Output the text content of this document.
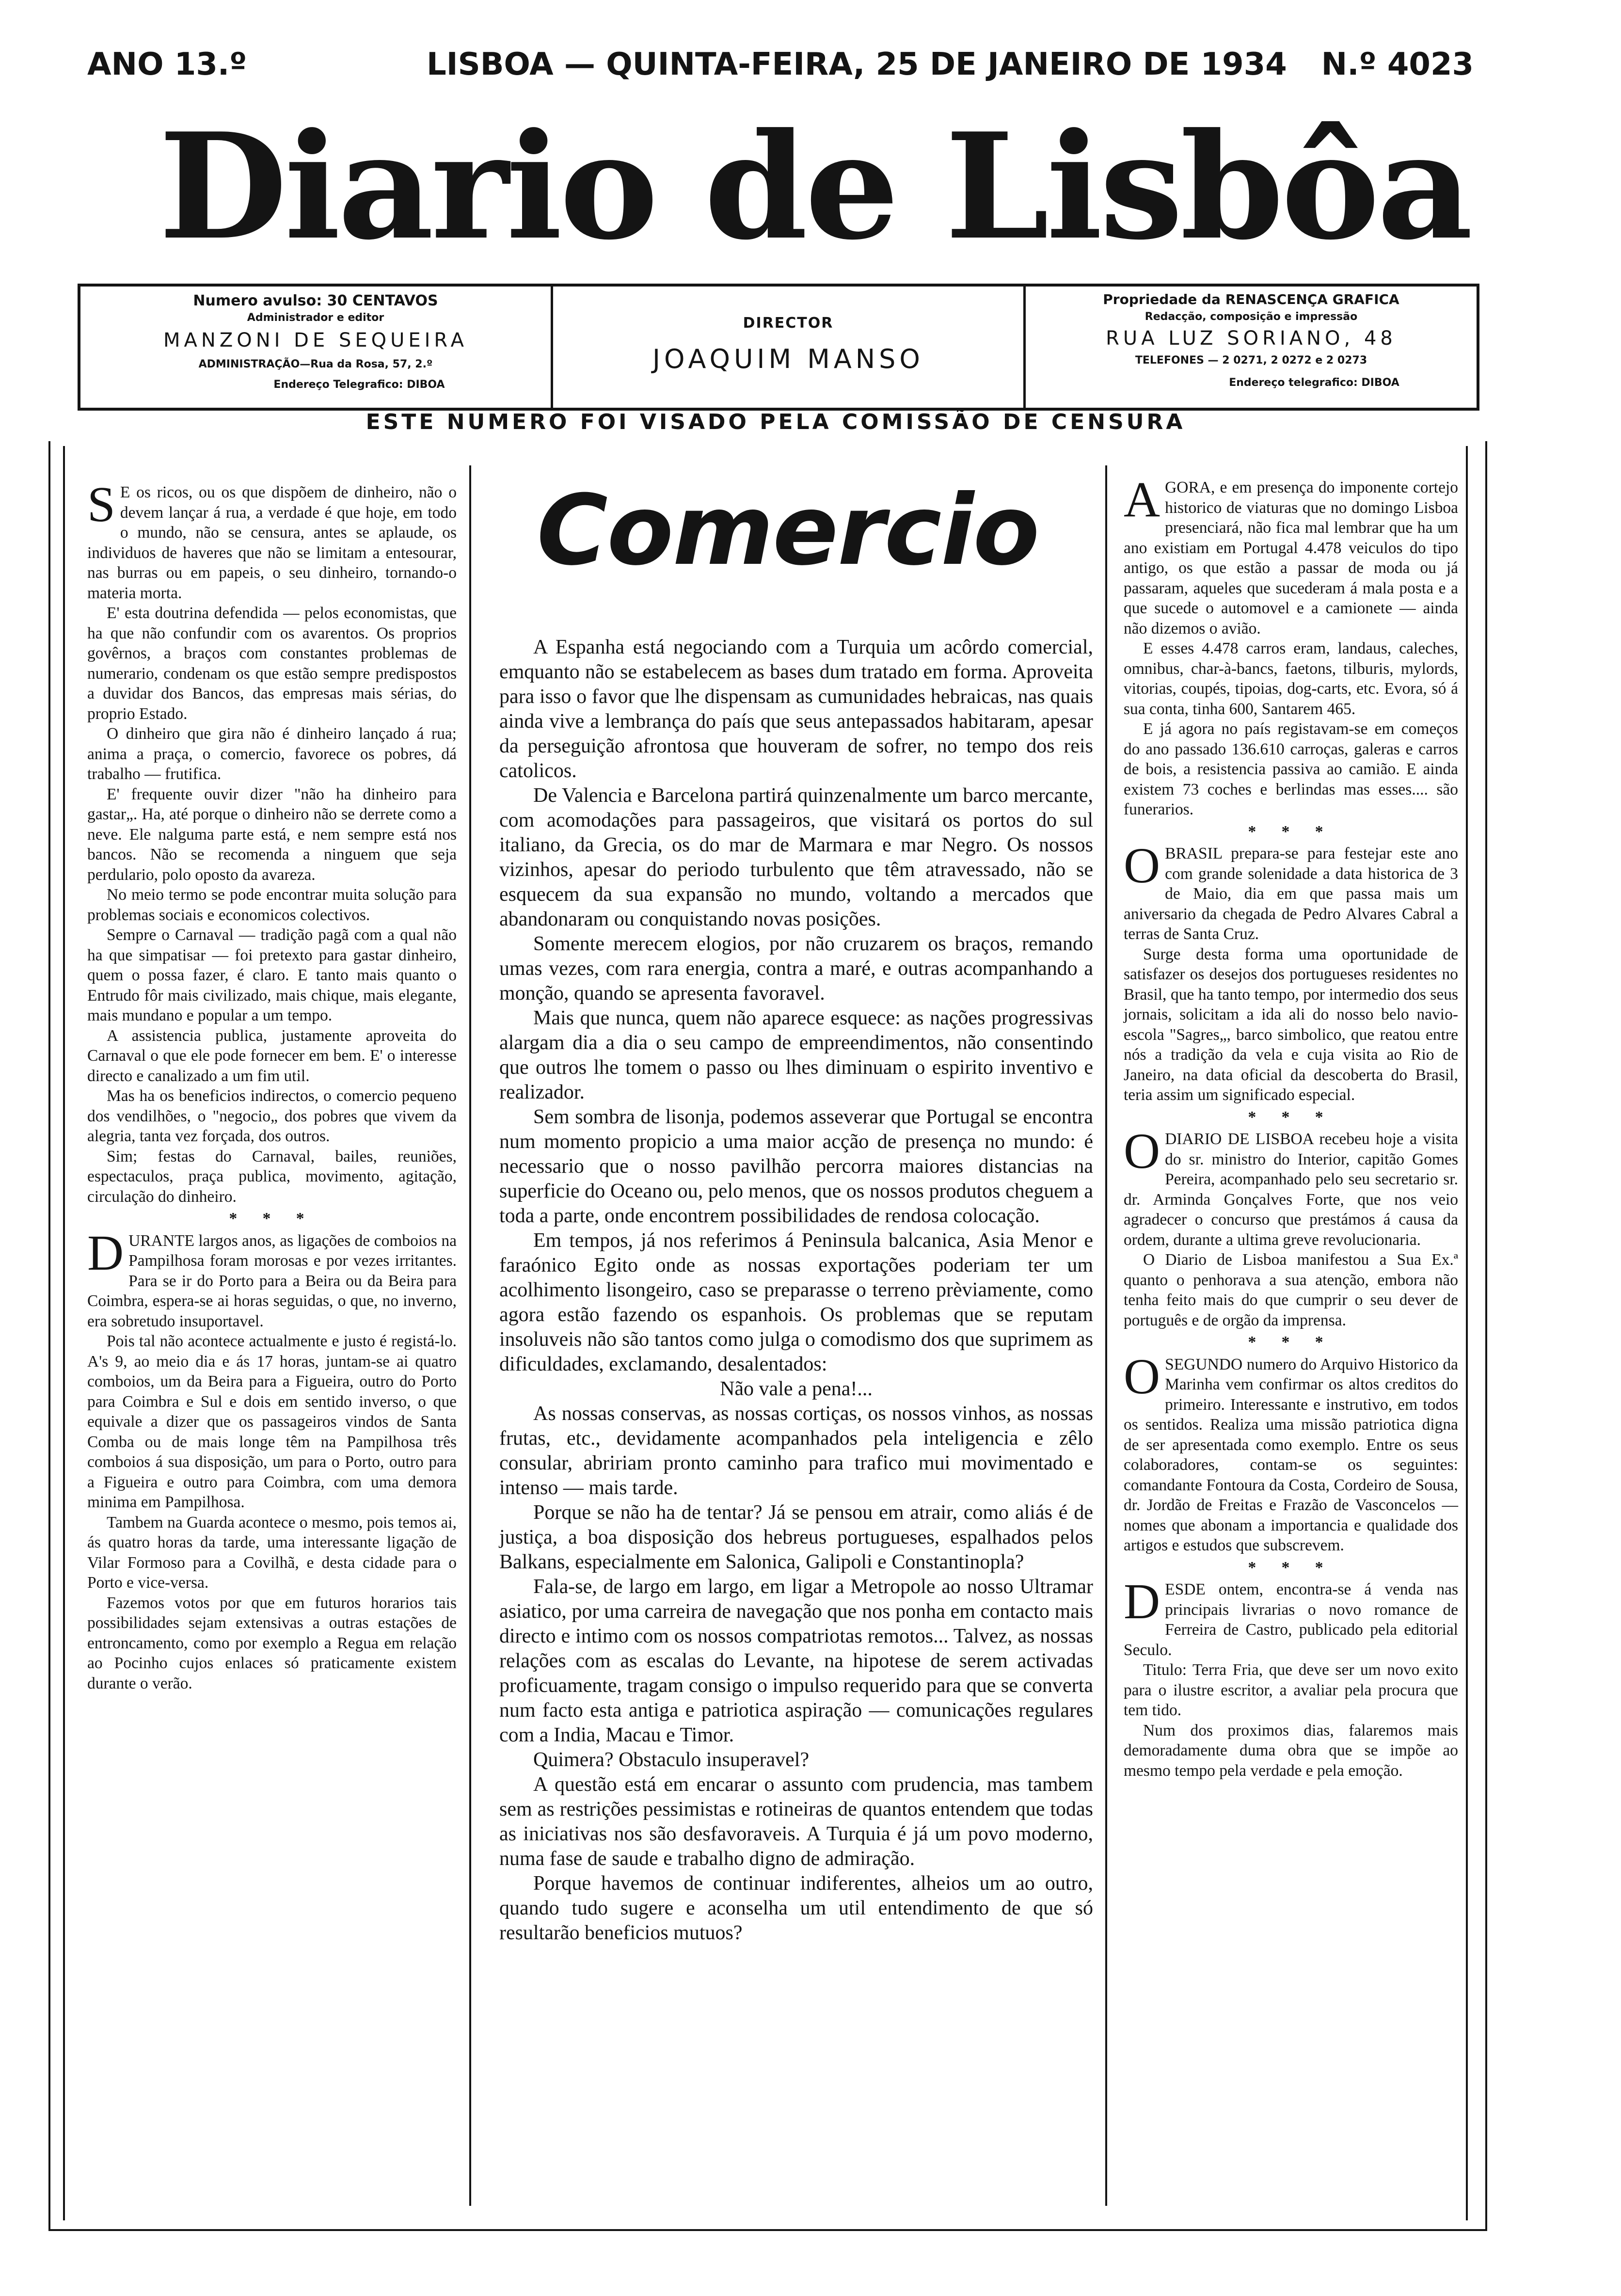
ANO 13.º	LISBOA — QUINTA-FEIRA, 25 DE JANEIRO DE 1934 N.º 4023
Diario de Lisbôa
Numero avulso: 30 CENTAVOS
Administrador e editor
MANZONI DE SEQUEIRA
ADMINISTRAÇÃO—Rua da Rosa, 57, 2.º
Endereço Telegrafico: DIBOA
DIRECTOR
JOAQUIM MANSO
Propriedade da RENASCENÇA GRAFICA
Redacção, composição e impressão
RUA LUZ SORIANO, 48
TELEFONES — 2 0271, 2 0272 e 2 0273
Endereço telegrafico: DIBOA
ESTE NUMERO FOI VISADO PELA COMISSÃO DE CENSURA
Comercio

S E os ricos, ou os que dispõem de dinheiro, não o devem lançar á rua, a verdade é que hoje, em todo o mundo, não se censura, antes se aplaude, os individuos de haveres que não se limitam a entesourar, nas burras ou em papeis, o seu dinheiro, tornando-o materia morta.

E' esta doutrina defendida — pelos economistas, que ha que não confundir com os avarentos. Os proprios govêrnos, a braços com constantes problemas de numerario, condenam os que estão sempre predispostos a duvidar dos Bancos, das empresas mais sérias, do proprio Estado.

O dinheiro que gira não é dinheiro lançado á rua; anima a praça, o comercio, favorece os pobres, dá trabalho — frutifica.

E' frequente ouvir dizer "não ha dinheiro para gastar„. Ha, até porque o dinheiro não se derrete como a neve. Ele nalguma parte está, e nem sempre está nos bancos. Não se recomenda a ninguem que seja perdulario, polo oposto da avareza.

No meio termo se pode encontrar muita solução para problemas sociais e economicos colectivos.

Sempre o Carnaval — tradição pagã com a qual não ha que simpatisar — foi pretexto para gastar dinheiro, quem o possa fazer, é claro. E tanto mais quanto o Entrudo fôr mais civilizado, mais chique, mais elegante, mais mundano e popular a um tempo.

A assistencia publica, justamente aproveita do Carnaval o que ele pode fornecer em bem. E' o interesse directo e canalizado a um fim util.

Mas ha os beneficios indirectos, o comercio pequeno dos vendilhões, o "negocio„ dos pobres que vivem da alegria, tanta vez forçada, dos outros.

Sim; festas do Carnaval, bailes, reuniões, espectaculos, praça publica, movimento, agitação, circulação do dinheiro.

* * *

DURANTE largos anos, as ligações de comboios na Pampilhosa foram morosas e por vezes irritantes. Para se ir do Porto para a Beira ou da Beira para Coimbra, espera-se ai horas seguidas, o que, no inverno, era sobretudo insuportavel.

Pois tal não acontece actualmente e justo é registá-lo. A's 9, ao meio dia e ás 17 horas, juntam-se ai quatro comboios, um da Beira para a Figueira, outro do Porto para Coimbra e Sul e dois em sentido inverso, o que equivale a dizer que os passageiros vindos de Santa Comba ou de mais longe têm na Pampilhosa três comboios á sua disposição, um para o Porto, outro para a Figueira e outro para Coimbra, com uma demora minima em Pampilhosa.

Tambem na Guarda acontece o mesmo, pois temos ai, ás quatro horas da tarde, uma interessante ligação de Vilar Formoso para a Covilhã, e desta cidade para o Porto e vice-versa.

Fazemos votos por que em futuros horarios tais possibilidades sejam extensivas a outras estações de entroncamento, como por exemplo a Regua em relação ao Pocinho cujos enlaces só praticamente existem durante o verão.

A Espanha está negociando com a Turquia um acôrdo comercial, emquanto não se estabelecem as bases dum tratado em forma. Aproveita para isso o favor que lhe dispensam as cumunidades hebraicas, nas quais ainda vive a lembrança do país que seus antepassados habitaram, apesar da perseguição afrontosa que houveram de sofrer, no tempo dos reis catolicos.

De Valencia e Barcelona partirá quinzenalmente um barco mercante, com acomodações para passageiros, que visitará os portos do sul italiano, da Grecia, os do mar de Marmara e mar Negro. Os nossos vizinhos, apesar do periodo turbulento que têm atravessado, não se esquecem da sua expansão no mundo, voltando a mercados que abandonaram ou conquistando novas posições.

Somente merecem elogios, por não cruzarem os braços, remando umas vezes, com rara energia, contra a maré, e outras acompanhando a monção, quando se apresenta favoravel.

Mais que nunca, quem não aparece esquece: as nações progressivas alargam dia a dia o seu campo de empreendimentos, não consentindo que outros lhe tomem o passo ou lhes diminuam o espirito inventivo e realizador.

Sem sombra de lisonja, podemos asseverar que Portugal se encontra num momento propicio a uma maior acção de presença no mundo: é necessario que o nosso pavilhão percorra maiores distancias na superficie do Oceano ou, pelo menos, que os nossos produtos cheguem a toda a parte, onde encontrem possibilidades de rendosa colocação.

Em tempos, já nos referimos á Peninsula balcanica, Asia Menor e faraónico Egito onde as nossas exportações poderiam ter um acolhimento lisongeiro, caso se preparasse o terreno prèviamente, como agora estão fazendo os espanhois. Os problemas que se reputam insoluveis não são tantos como julga o comodismo dos que suprimem as dificuldades, exclamando, desalentados:

Não vale a pena!...

As nossas conservas, as nossas cortiças, os nossos vinhos, as nossas frutas, etc., devidamente acompanhados pela inteligencia e zêlo consular, abririam pronto caminho para trafico mui movimentado e intenso — mais tarde.

Porque se não ha de tentar? Já se pensou em atrair, como aliás é de justiça, a boa disposição dos hebreus portugueses, espalhados pelos Balkans, especialmente em Salonica, Galipoli e Constantinopla?

Fala-se, de largo em largo, em ligar a Metropole ao nosso Ultramar asiatico, por uma carreira de navegação que nos ponha em contacto mais directo e intimo com os nossos compatriotas remotos... Talvez, as nossas relações com as escalas do Levante, na hipotese de serem activadas proficuamente, tragam consigo o impulso requerido para que se converta num facto esta antiga e patriotica aspiração — comunicações regulares com a India, Macau e Timor.

Quimera? Obstaculo insuperavel?

A questão está em encarar o assunto com prudencia, mas tambem sem as restrições pessimistas e rotineiras de quantos entendem que todas as iniciativas nos são desfavoraveis. A Turquia é já um povo moderno, numa fase de saude e trabalho digno de admiração.

Porque havemos de continuar indiferentes, alheios um ao outro, quando tudo sugere e aconselha um util entendimento de que só resultarão beneficios mutuos?

AGORA, e em presença do imponente cortejo historico de viaturas que no domingo Lisboa presenciará, não fica mal lembrar que ha um ano existiam em Portugal 4.478 veiculos do tipo antigo, os que estão a passar de moda ou já passaram, aqueles que sucederam á mala posta e a que sucede o automovel e a camionete — ainda não dizemos o avião.

E esses 4.478 carros eram, landaus, caleches, omnibus, char-à-bancs, faetons, tilburis, mylords, vitorias, coupés, tipoias, dog-carts, etc. Evora, só á sua conta, tinha 600, Santarem 465.

E já agora no país registavam-se em começos do ano passado 136.610 carroças, galeras e carros de bois, a resistencia passiva ao camião. E ainda existem 73 coches e berlindas mas esses.... são funerarios.

* * *

OBRASIL prepara-se para festejar este ano com grande solenidade a data historica de 3 de Maio, dia em que passa mais um aniversario da chegada de Pedro Alvares Cabral a terras de Santa Cruz.

Surge desta forma uma oportunidade de satisfazer os desejos dos portugueses residentes no Brasil, que ha tanto tempo, por intermedio dos seus jornais, solicitam a ida ali do nosso belo navio-escola "Sagres„, barco simbolico, que reatou entre nós a tradição da vela e cuja visita ao Rio de Janeiro, na data oficial da descoberta do Brasil, teria assim um significado especial.

* * *

ODIARIO DE LISBOA recebeu hoje a visita do sr. ministro do Interior, capitão Gomes Pereira, acompanhado pelo seu secretario sr. dr. Arminda Gonçalves Forte, que nos veio agradecer o concurso que prestámos á causa da ordem, durante a ultima greve revolucionaria.

O Diario de Lisboa manifestou a Sua Ex.ª quanto o penhorava a sua atenção, embora não tenha feito mais do que cumprir o seu dever de português e de orgão da imprensa.

* * *

OSEGUNDO numero do Arquivo Historico da Marinha vem confirmar os altos creditos do primeiro. Interessante e instrutivo, em todos os sentidos. Realiza uma missão patriotica digna de ser apresentada como exemplo. Entre os seus colaboradores, contam-se os seguintes: comandante Fontoura da Costa, Cordeiro de Sousa, dr. Jordão de Freitas e Frazão de Vasconcelos — nomes que abonam a importancia e qualidade dos artigos e estudos que subscrevem.

* * *

DESDE ontem, encontra-se á venda nas principais livrarias o novo romance de Ferreira de Castro, publicado pela editorial Seculo.

Titulo: Terra Fria, que deve ser um novo exito para o ilustre escritor, a avaliar pela procura que tem tido.

Num dos proximos dias, falaremos mais demoradamente duma obra que se impõe ao mesmo tempo pela verdade e pela emoção.
